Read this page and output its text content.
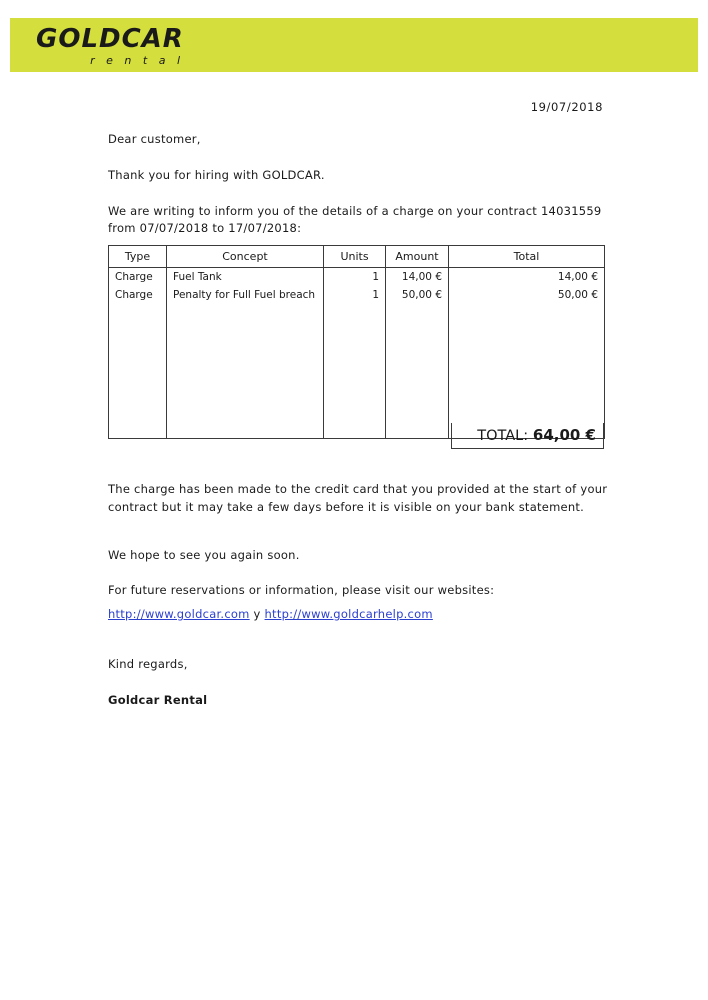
GOLDCAR
r e n t a l
19/07/2018

Dear customer,

Thank you for hiring with GOLDCAR.

We are writing to inform you of the details of a charge on your contract 14031559

from 07/07/2018 to 17/07/2018:

Type	Concept	Units	Amount	Total
Charge	Fuel Tank	1	14,00 €	14,00 €
Charge	Penalty for Full Fuel breach	1	50,00 €	50,00 €

TOTAL: 64,00 €

The charge has been made to the credit card that you provided at the start of your

contract but it may take a few days before it is visible on your bank statement.

We hope to see you again soon.

For future reservations or information, please visit our websites:

http://www.goldcar.com y http://www.goldcarhelp.com

Kind regards,

Goldcar Rental
